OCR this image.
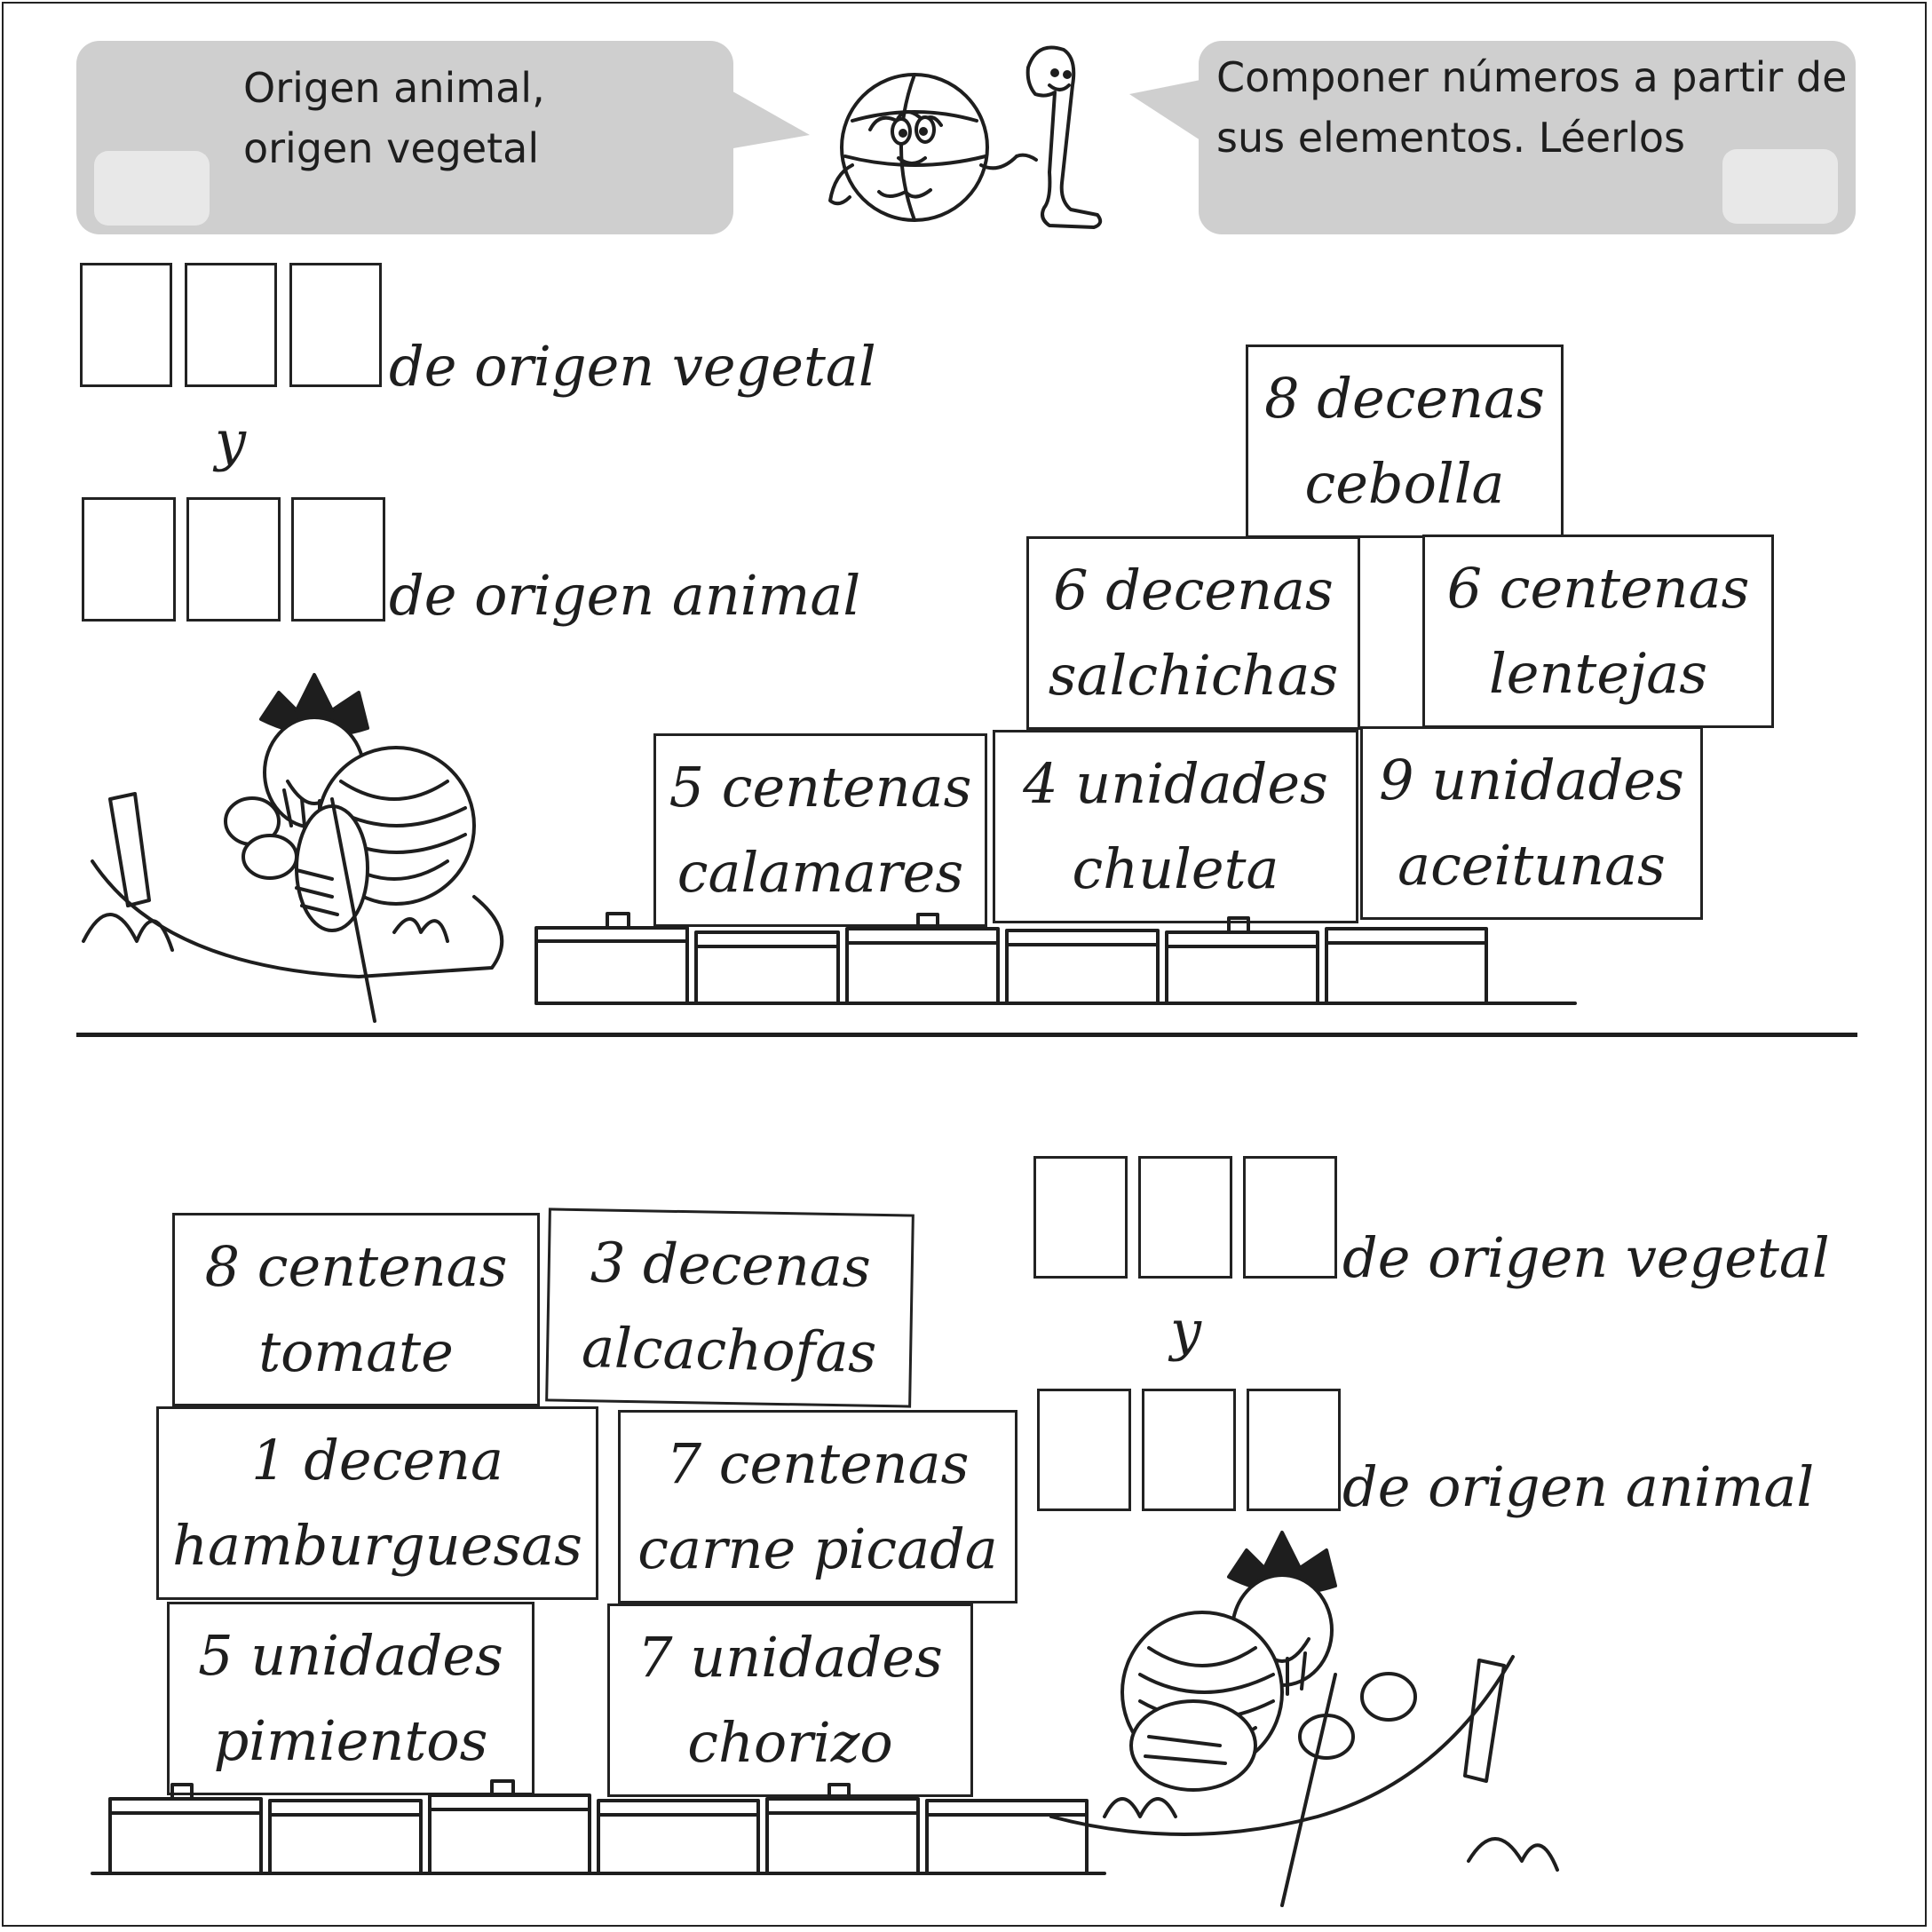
Origen animal,
origen vegetal
Componer números a partir de
sus elementos. Léerlos
de origen vegetal
y
de origen animal
8 decenas
cebolla
6 decenas
salchichas
6 centenas
lentejas
5 centenas
calamares
4 unidades
chuleta
9 unidades
aceitunas
de origen vegetal
y
de origen animal
8 centenas
tomate
3 decenas
alcachofas
1 decena
hamburguesas
7 centenas
carne picada
5 unidades
pimientos
7 unidades
chorizo
